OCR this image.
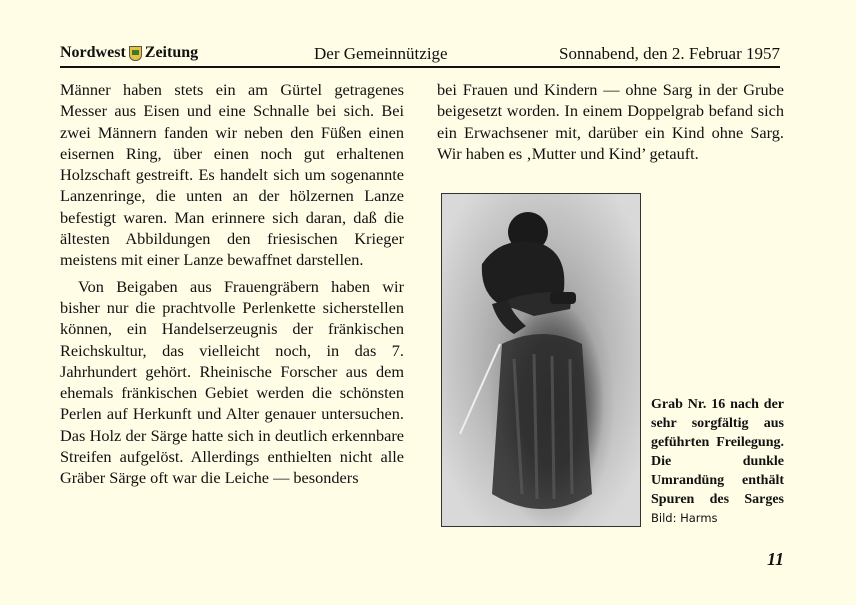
Nordwest Zeitung	Der Gemeinnützige	Sonnabend, den 2. Februar 1957

Männer haben stets ein am Gürtel getragenes Messer aus Eisen und eine Schnalle bei sich. Bei zwei Männern fanden wir neben den Füßen einen eisernen Ring, über einen noch gut erhaltenen Holzschaft gestreift. Es handelt sich um sogenannte Lanzenringe, die unten an der hölzernen Lanze befestigt waren. Man erinnere sich daran, daß die ältesten Abbildungen den friesischen Krieger meistens mit einer Lanze bewaffnet darstellen.

Von Beigaben aus Frauengräbern haben wir bisher nur die prachtvolle Perlenkette sicherstellen können, ein Handelserzeugnis der fränkischen Reichskultur, das vielleicht noch, in das 7. Jahrhundert gehört. Rheinische Forscher aus dem ehemals fränkischen Gebiet werden die schönsten Perlen auf Herkunft und Alter genauer untersuchen. Das Holz der Särge hatte sich in deutlich erkennbare Streifen aufgelöst. Allerdings enthielten nicht alle Gräber Särge oft war die Leiche — besonders

bei Frauen und Kindern — ohne Sarg in der Grube beigesetzt worden. In einem Doppelgrab befand sich ein Erwachsener mit, darüber ein Kind ohne Sarg. Wir haben es ‚Mutter und Kind’ getauft.

Grab Nr. 16 nach der sehr sorgfältig aus geführten Freilegung. Die dunkle Umrandüng enthält Spuren des Sarges Bild: Harms
11
